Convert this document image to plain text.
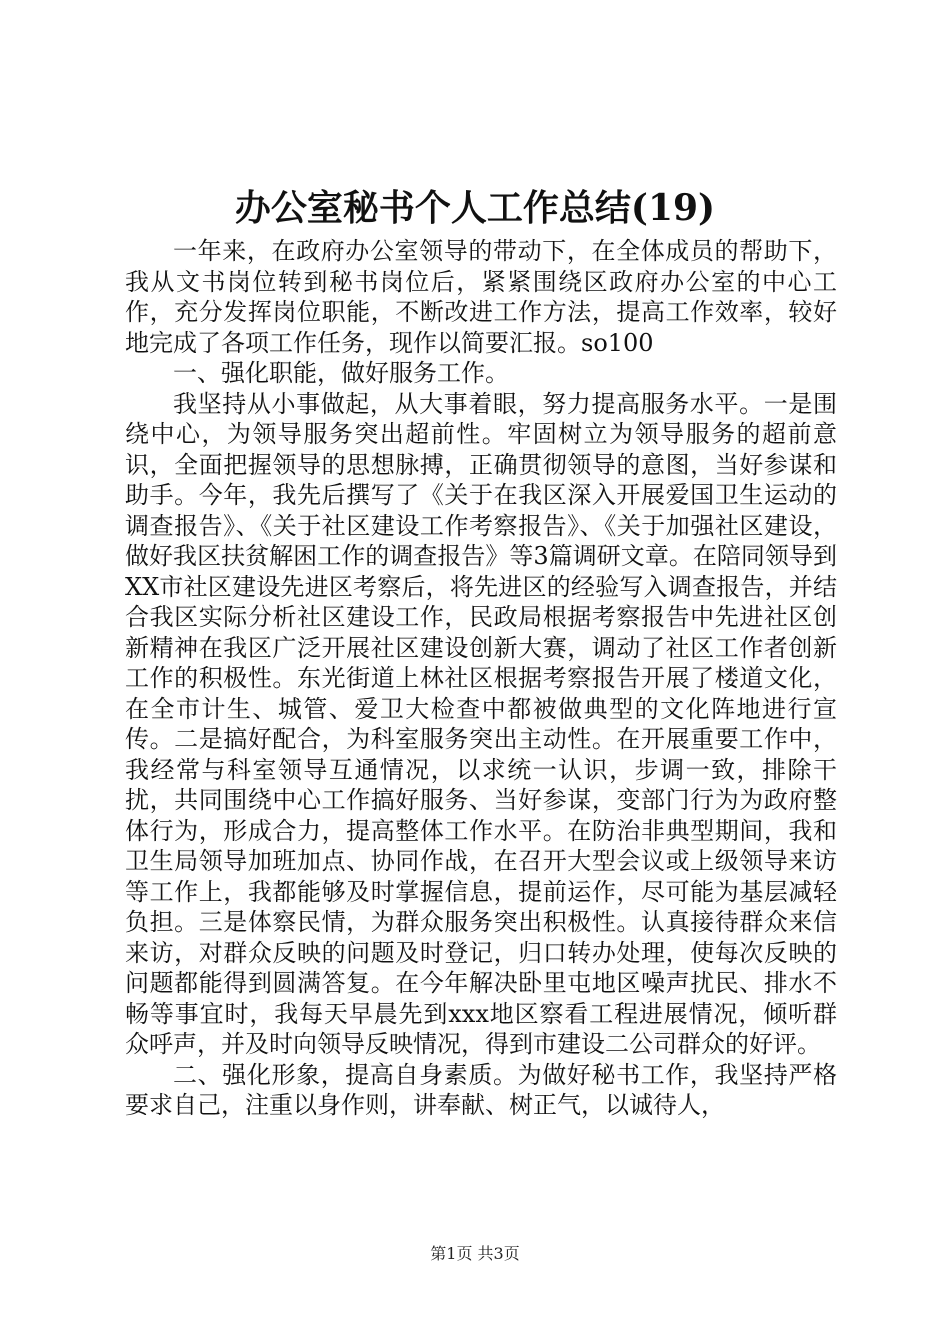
办公室秘书个人工作总结(19)

一年来，在政府办公室领导的带动下，在全体成员的帮助下，我从文书岗位转到秘书岗位后，紧紧围绕区政府办公室的中心工作，充分发挥岗位职能，不断改进工作方法，提高工作效率，较好地完成了各项工作任务，现作以简要汇报。so100

一、强化职能，做好服务工作。

我坚持从小事做起，从大事着眼，努力提高服务水平。一是围绕中心，为领导服务突出超前性。牢固树立为领导服务的超前意识，全面把握领导的思想脉搏，正确贯彻领导的意图，当好参谋和助手。今年，我先后撰写了《关于在我区深入开展爱国卫生运动的调查报告》、《关于社区建设工作考察报告》、《关于加强社区建设，做好我区扶贫解困工作的调查报告》等3篇调研文章。在陪同领导到XX市社区建设先进区考察后，将先进区的经验写入调查报告，并结合我区实际分析社区建设工作，民政局根据考察报告中先进社区创新精神在我区广泛开展社区建设创新大赛，调动了社区工作者创新工作的积极性。东光街道上林社区根据考察报告开展了楼道文化，在全市计生、城管、爱卫大检查中都被做典型的文化阵地进行宣传。二是搞好配合，为科室服务突出主动性。在开展重要工作中，我经常与科室领导互通情况，以求统一认识，步调一致，排除干扰，共同围绕中心工作搞好服务、当好参谋，变部门行为为政府整体行为，形成合力，提高整体工作水平。在防治非典型期间，我和卫生局领导加班加点、协同作战，在召开大型会议或上级领导来访等工作上，我都能够及时掌握信息，提前运作，尽可能为基层减轻负担。三是体察民情，为群众服务突出积极性。认真接待群众来信来访，对群众反映的问题及时登记，归口转办处理，使每次反映的问题都能得到圆满答复。在今年解决卧里屯地区噪声扰民、排水不畅等事宜时，我每天早晨先到xxx地区察看工程进展情况，倾听群众呼声，并及时向领导反映情况，得到市建设二公司群众的好评。

二、强化形象，提高自身素质。为做好秘书工作，我坚持严格要求自己，注重以身作则，讲奉献、树正气，以诚待人，

第1页 共3页
